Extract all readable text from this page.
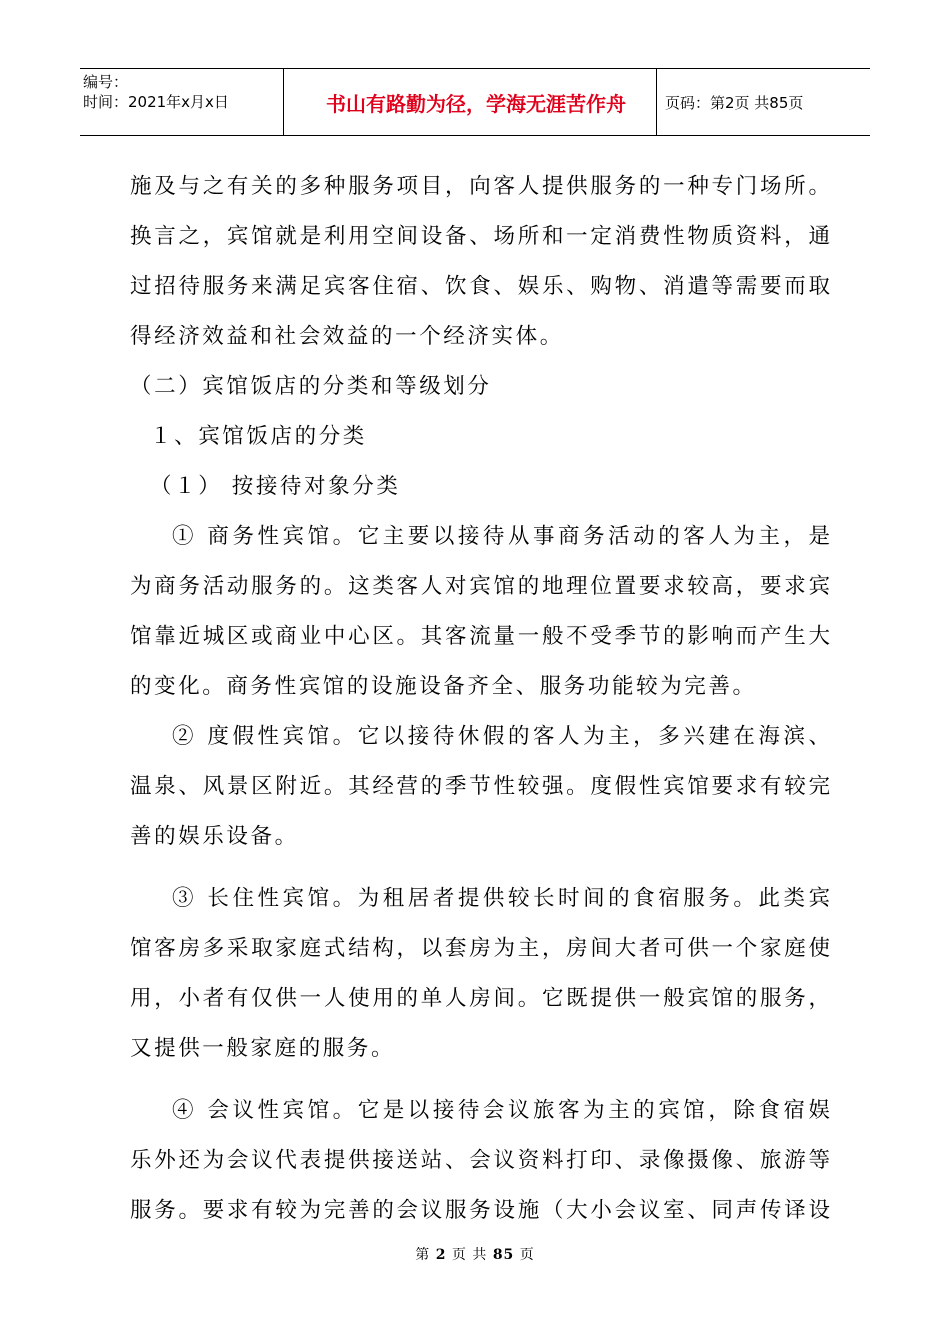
编号：
时间：2021年x月x日	书山有路勤为径，学海无涯苦作舟	页码：第2页 共85页
施及与之有关的多种服务项目，向客人提供服务的一种专门场所。
换言之，宾馆就是利用空间设备、场所和一定消费性物质资料，通
过招待服务来满足宾客住宿、饮食、娱乐、购物、消遣等需要而取
得经济效益和社会效益的一个经济实体。
（二）宾馆饭店的分类和等级划分
１、宾馆饭店的分类
（１） 按接待对象分类
① 商务性宾馆。它主要以接待从事商务活动的客人为主，是
为商务活动服务的。这类客人对宾馆的地理位置要求较高，要求宾
馆靠近城区或商业中心区。其客流量一般不受季节的影响而产生大
的变化。商务性宾馆的设施设备齐全、服务功能较为完善。
② 度假性宾馆。它以接待休假的客人为主，多兴建在海滨、
温泉、风景区附近。其经营的季节性较强。度假性宾馆要求有较完
善的娱乐设备。
③ 长住性宾馆。为租居者提供较长时间的食宿服务。此类宾
馆客房多采取家庭式结构，以套房为主，房间大者可供一个家庭使
用，小者有仅供一人使用的单人房间。它既提供一般宾馆的服务，
又提供一般家庭的服务。
④ 会议性宾馆。它是以接待会议旅客为主的宾馆，除食宿娱
乐外还为会议代表提供接送站、会议资料打印、录像摄像、旅游等
服务。要求有较为完善的会议服务设施（大小会议室、同声传译设
第 2 页 共 85 页
